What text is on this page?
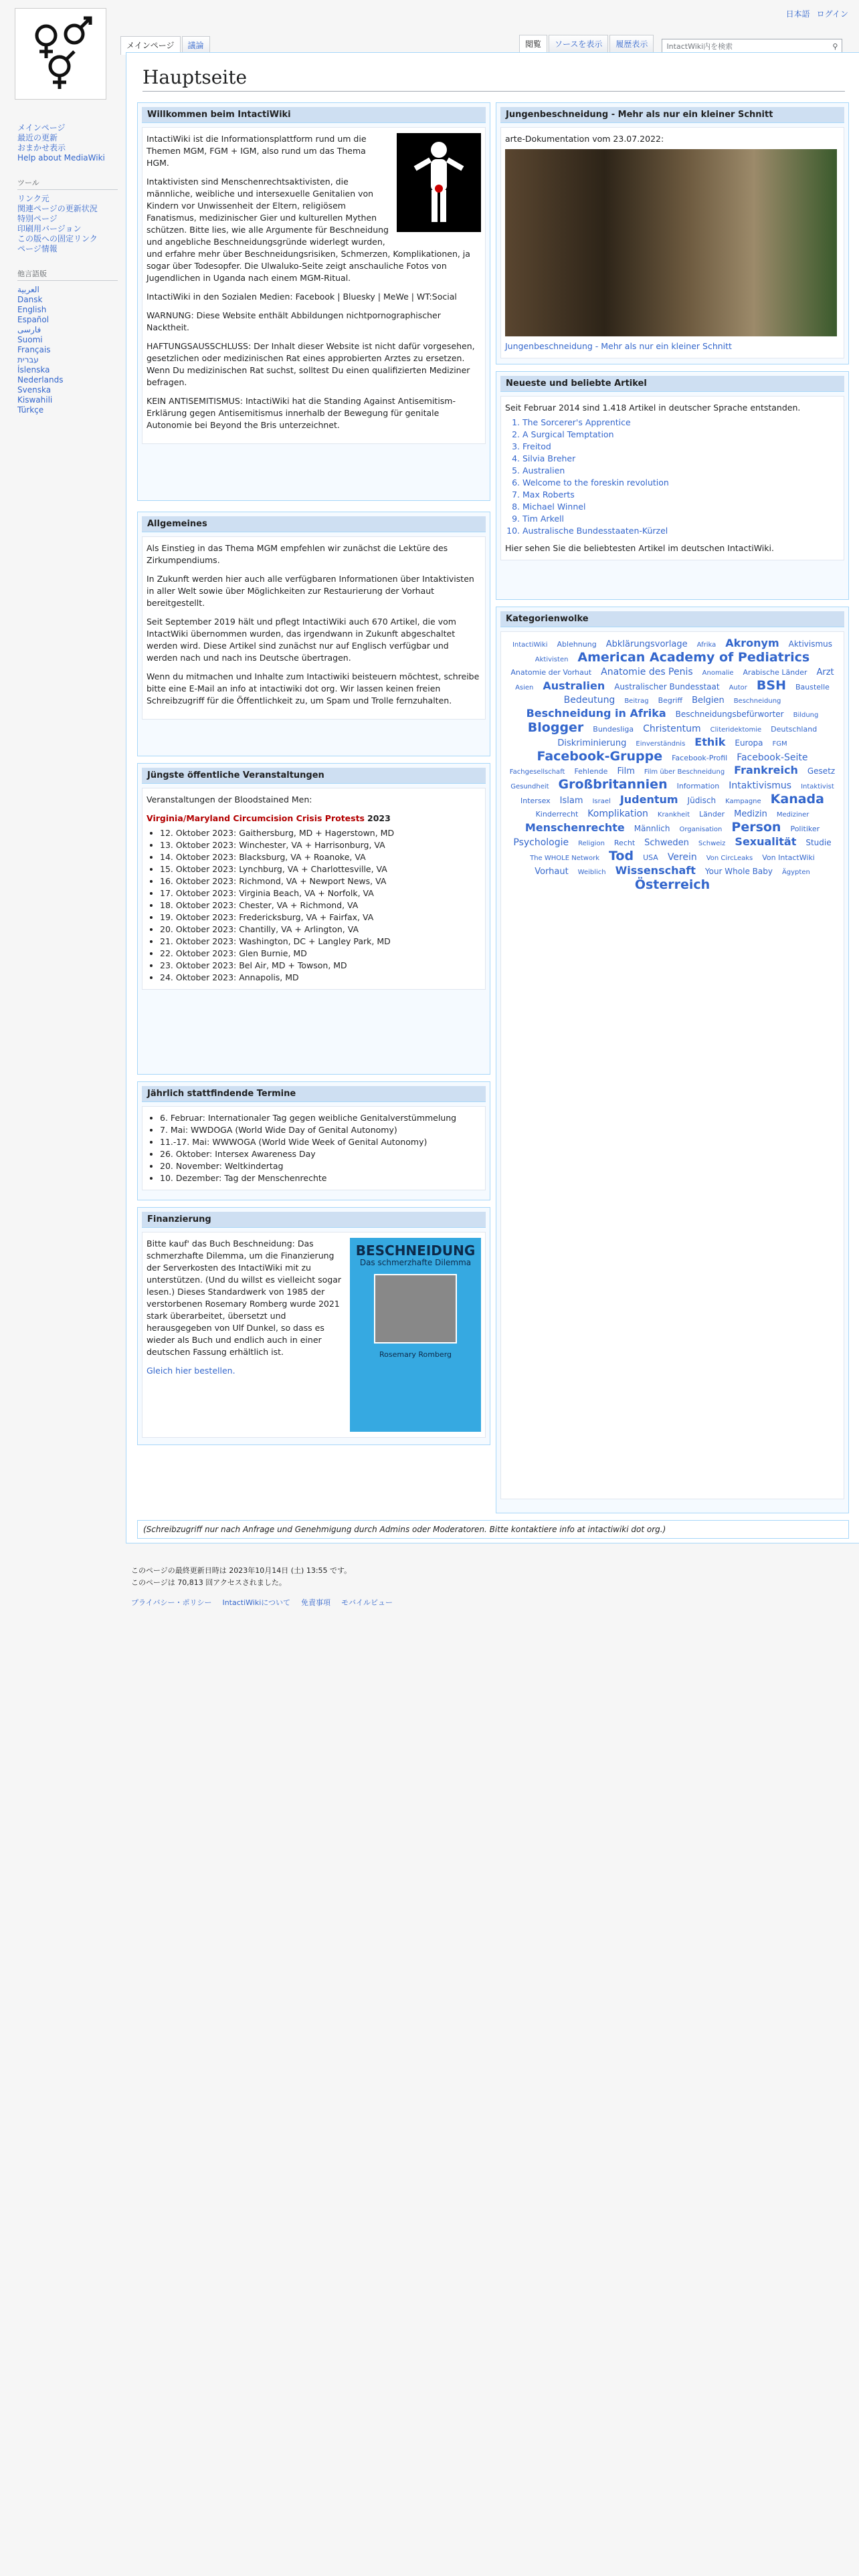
日本語 ログイン
メインページ	議論	閲覧	ソースを表示	履歴表示	IntactWiki内を検索	⚲
メインページ
最近の更新
おまかせ表示
Help about MediaWiki
ツール
リンク元
関連ページの更新状況
特別ページ
印刷用バージョン
この版への固定リンク
ページ情報
他言語版
العربية
Dansk
English
Español
فارسی
Suomi
Français
עברית
Íslenska
Nederlands
Svenska
Kiswahili
Türkçe
Hauptseite
Willkommen beim IntactiWiki

IntactiWiki ist die Informationsplattform rund um die Themen MGM, FGM + IGM, also rund um das Thema HGM.

Intaktivisten sind Menschenrechtsaktivisten, die männliche, weibliche und intersexuelle Genitalien von Kindern vor Unwissenheit der Eltern, religiösem Fanatismus, medizinischer Gier und kulturellen Mythen schützen. Bitte lies, wie alle Argumente für Beschneidung und angebliche Beschneidungsgründe widerlegt wurden, und erfahre mehr über Beschneidungsrisiken, Schmerzen, Komplikationen, ja sogar über Todesopfer. Die Ulwaluko-Seite zeigt anschauliche Fotos von Jugendlichen in Uganda nach einem MGM-Ritual.

IntactiWiki in den Sozialen Medien: Facebook | Bluesky | MeWe | WT:Social

WARNUNG: Diese Website enthält Abbildungen nichtpornographischer Nacktheit.

HAFTUNGSAUSSCHLUSS: Der Inhalt dieser Website ist nicht dafür vorgesehen, gesetzlichen oder medizinischen Rat eines approbierten Arztes zu ersetzen. Wenn Du medizinischen Rat suchst, solltest Du einen qualifizierten Mediziner befragen.

KEIN ANTISEMITISMUS: IntactiWiki hat die Standing Against Antisemitism-Erklärung gegen Antisemitismus innerhalb der Bewegung für genitale Autonomie bei Beyond the Bris unterzeichnet.

Allgemeines

Als Einstieg in das Thema MGM empfehlen wir zunächst die Lektüre des Zirkumpendiums.

In Zukunft werden hier auch alle verfügbaren Informationen über Intaktivisten in aller Welt sowie über Möglichkeiten zur Restaurierung der Vorhaut bereitgestellt.

Seit September 2019 hält und pflegt IntactiWiki auch 670 Artikel, die vom IntactWiki übernommen wurden, das irgendwann in Zukunft abgeschaltet werden wird. Diese Artikel sind zunächst nur auf Englisch verfügbar und werden nach und nach ins Deutsche übertragen.

Wenn du mitmachen und Inhalte zum Intactiwiki beisteuern möchtest, schreibe bitte eine E-Mail an info at intactiwiki dot org. Wir lassen keinen freien Schreibzugriff für die Öffentlichkeit zu, um Spam und Trolle fernzuhalten.

Jüngste öffentliche Veranstaltungen

Veranstaltungen der Bloodstained Men:

Virginia/Maryland Circumcision Crisis Protests 2023

• 12. Oktober 2023: Gaithersburg, MD + Hagerstown, MD
• 13. Oktober 2023: Winchester, VA + Harrisonburg, VA
• 14. Oktober 2023: Blacksburg, VA + Roanoke, VA
• 15. Oktober 2023: Lynchburg, VA + Charlottesville, VA
• 16. Oktober 2023: Richmond, VA + Newport News, VA
• 17. Oktober 2023: Virginia Beach, VA + Norfolk, VA
• 18. Oktober 2023: Chester, VA + Richmond, VA
• 19. Oktober 2023: Fredericksburg, VA + Fairfax, VA
• 20. Oktober 2023: Chantilly, VA + Arlington, VA
• 21. Oktober 2023: Washington, DC + Langley Park, MD
• 22. Oktober 2023: Glen Burnie, MD
• 23. Oktober 2023: Bel Air, MD + Towson, MD
• 24. Oktober 2023: Annapolis, MD
Jährlich stattfindende Termine
• 6. Februar: Internationaler Tag gegen weibliche Genitalverstümmelung
• 7. Mai: WWDOGA (World Wide Day of Genital Autonomy)
• 11.-17. Mai: WWWOGA (World Wide Week of Genital Autonomy)
• 26. Oktober: Intersex Awareness Day
• 20. November: Weltkindertag
• 10. Dezember: Tag der Menschenrechte
Finanzierung
BESCHNEIDUNG
Das schmerzhafte Dilemma
Rosemary Romberg

Bitte kauf' das Buch Beschneidung: Das schmerzhafte Dilemma, um die Finanzierung der Serverkosten des IntactiWiki mit zu unterstützen. (Und du willst es vielleicht sogar lesen.) Dieses Standardwerk von 1985 der verstorbenen Rosemary Romberg wurde 2021 stark überarbeitet, übersetzt und herausgegeben von Ulf Dunkel, so dass es wieder als Buch und endlich auch in einer deutschen Fassung erhältlich ist.

Gleich hier bestellen.
Jungenbeschneidung - Mehr als nur ein kleiner Schnitt
arte-Dokumentation vom 23.07.2022:
Jungenbeschneidung - Mehr als nur ein kleiner Schnitt
Neueste und beliebte Artikel
Seit Februar 2014 sind 1.418 Artikel in deutscher Sprache entstanden.
1. The Sorcerer's Apprentice
2. A Surgical Temptation
3. Freitod
4. Silvia Breher
5. Australien
6. Welcome to the foreskin revolution
7. Max Roberts
8. Michael Winnel
9. Tim Arkell
10. Australische Bundesstaaten-Kürzel
Hier sehen Sie die beliebtesten Artikel im deutschen IntactiWiki.
Kategorienwolke
IntactiWiki Ablehnung Abklärungsvorlage Afrika Akronym Aktivismus Aktivisten American Academy of Pediatrics Anatomie der Vorhaut Anatomie des Penis Anomalie Arabische Länder Arzt Asien Australien Australischer Bundesstaat Autor BSH Baustelle Bedeutung Beitrag Begriff Belgien Beschneidung Beschneidung in Afrika Beschneidungsbefürworter Bildung Blogger Bundesliga Christentum Cliteridektomie Deutschland Diskriminierung Einverständnis Ethik Europa FGM Facebook-Gruppe Facebook-Profil Facebook-Seite Fachgesellschaft Fehlende Film Film über Beschneidung Frankreich Gesetz Gesundheit Großbritannien Information Intaktivismus Intaktivist Intersex Islam Israel Judentum Jüdisch Kampagne Kanada Kinderrecht Komplikation Krankheit Länder Medizin Mediziner Menschenrechte Männlich Organisation Person Politiker Psychologie Religion Recht Schweden Schweiz Sexualität Studie The WHOLE Network Tod USA Verein Von CircLeaks Von IntactWiki Vorhaut Weiblich Wissenschaft Your Whole Baby Ägypten Österreich
(Schreibzugriff nur nach Anfrage und Genehmigung durch Admins oder Moderatoren. Bitte kontaktiere info at intactiwiki dot org.)
このページの最終更新日時は 2023年10月14日 (土) 13:55 です。
このページは 70,813 回アクセスされました。
プライバシー・ポリシー IntactiWikiについて 免責事項 モバイルビュー
